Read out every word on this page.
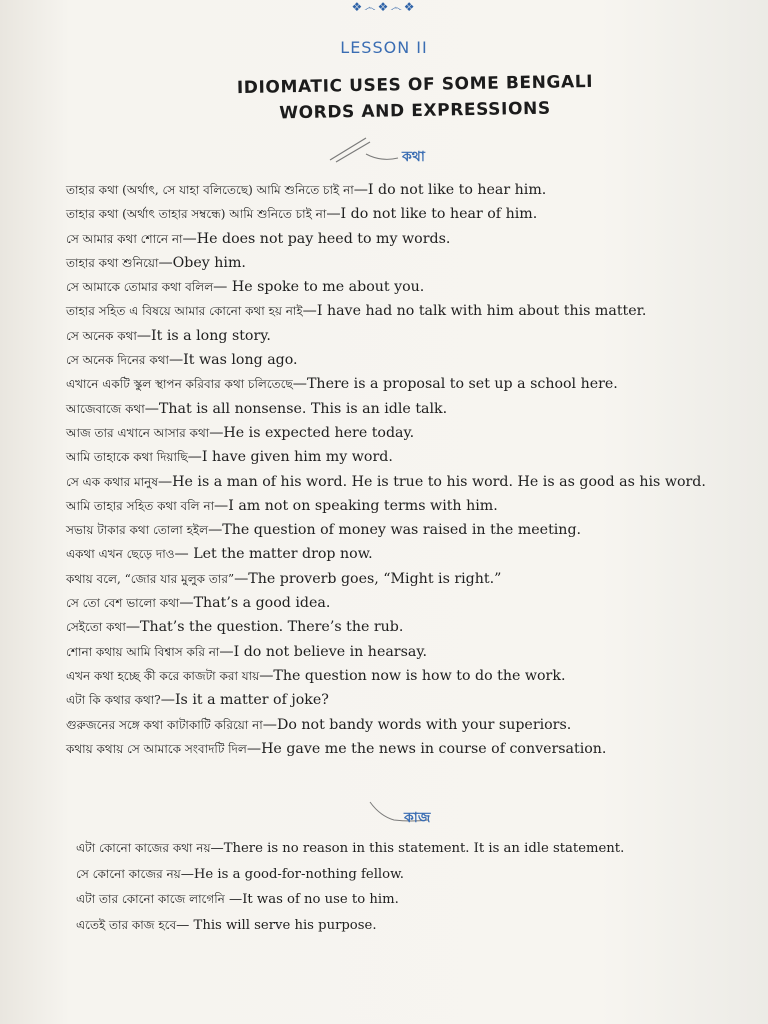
❖෴❖෴❖
LESSON II
IDIOMATIC USES OF SOME BENGALI
WORDS AND EXPRESSIONS
কথা
তাহার কথা (অর্থাৎ, সে যাহা বলিতেছে) আমি শুনিতে চাই না—I do not like to hear him.
তাহার কথা (অর্থাৎ তাহার সম্বন্ধে) আমি শুনিতে চাই না—I do not like to hear of him.
সে আমার কথা শোনে না—He does not pay heed to my words.
তাহার কথা শুনিয়ো—Obey him.
সে আমাকে তোমার কথা বলিল— He spoke to me about you.
তাহার সহিত এ বিষয়ে আমার কোনো কথা হয় নাই—I have had no talk with him about this matter.
সে অনেক কথা—It is a long story.
সে অনেক দিনের কথা—It was long ago.
এখানে একটি স্কুল স্থাপন করিবার কথা চলিতেছে—There is a proposal to set up a school here.
আজেবাজে কথা—That is all nonsense. This is an idle talk.
আজ তার এখানে আসার কথা—He is expected here today.
আমি তাহাকে কথা দিয়াছি—I have given him my word.
সে এক কথার মানুষ—He is a man of his word. He is true to his word. He is as good as his word.
আমি তাহার সহিত কথা বলি না—I am not on speaking terms with him.
সভায় টাকার কথা তোলা হইল—The question of money was raised in the meeting.
একথা এখন ছেড়ে দাও— Let the matter drop now.
কথায় বলে, “জোর যার মুলুক তার”—The proverb goes, “Might is right.”
সে তো বেশ ভালো কথা—That’s a good idea.
সেইতো কথা—That’s the question. There’s the rub.
শোনা কথায় আমি বিশ্বাস করি না—I do not believe in hearsay.
এখন কথা হচ্ছে কী করে কাজটা করা যায়—The question now is how to do the work.
এটা কি কথার কথা?—Is it a matter of joke?
গুরুজনের সঙ্গে কথা কাটাকাটি করিয়ো না—Do not bandy words with your superiors.
কথায় কথায় সে আমাকে সংবাদটি দিল—He gave me the news in course of conversation.
কাজ
এটা কোনো কাজের কথা নয়—There is no reason in this statement. It is an idle statement.
সে কোনো কাজের নয়—He is a good-for-nothing fellow.
এটা তার কোনো কাজে লাগেনি —It was of no use to him.
এতেই তার কাজ হবে— This will serve his purpose.
